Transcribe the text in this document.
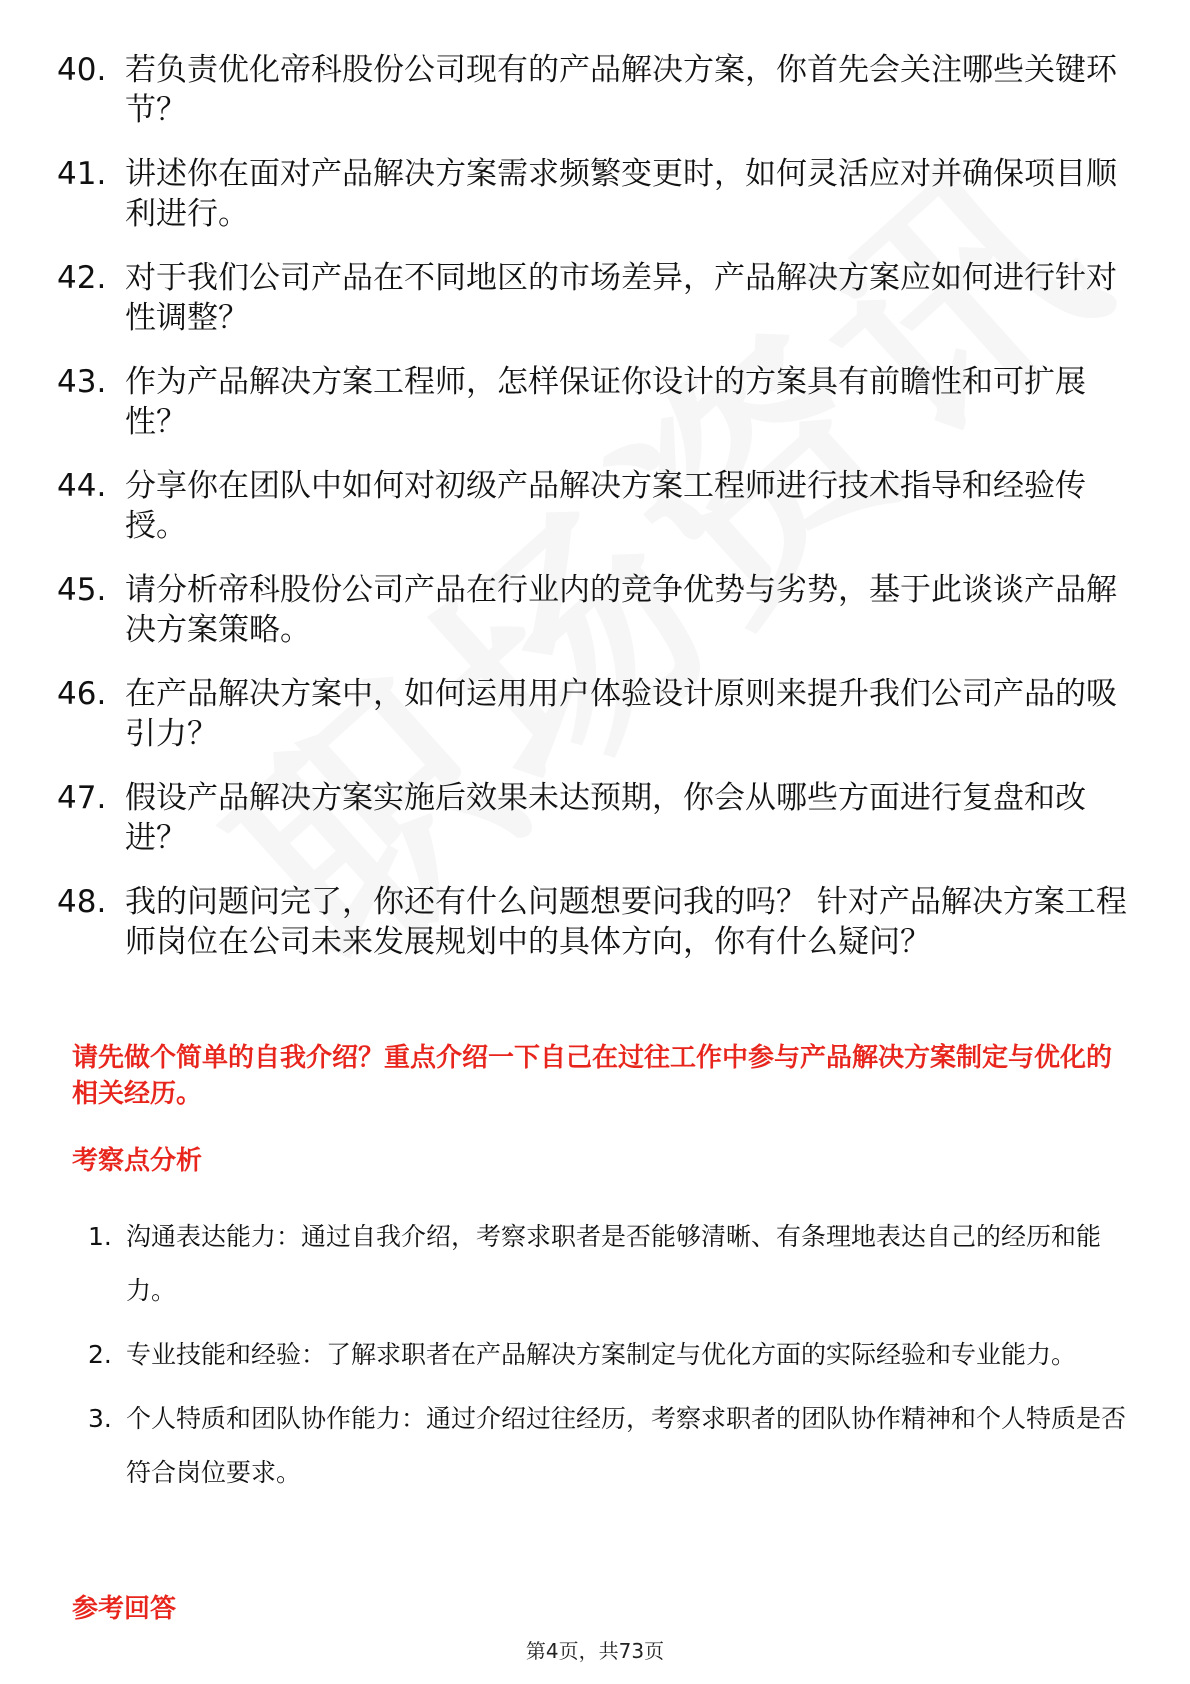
40. 若负责优化帝科股份公司现有的产品解决方案，你首先会关注哪些关键环节？
41. 讲述你在面对产品解决方案需求频繁变更时，如何灵活应对并确保项目顺利进行。
42. 对于我们公司产品在不同地区的市场差异，产品解决方案应如何进行针对性调整？
43. 作为产品解决方案工程师，怎样保证你设计的方案具有前瞻性和可扩展性？
44. 分享你在团队中如何对初级产品解决方案工程师进行技术指导和经验传授。
45. 请分析帝科股份公司产品在行业内的竞争优势与劣势，基于此谈谈产品解决方案策略。
46. 在产品解决方案中，如何运用用户体验设计原则来提升我们公司产品的吸引力？
47. 假设产品解决方案实施后效果未达预期，你会从哪些方面进行复盘和改进？
48. 我的问题问完了，你还有什么问题想要问我的吗？ 针对产品解决方案工程师岗位在公司未来发展规划中的具体方向，你有什么疑问？
请先做个简单的自我介绍？重点介绍一下自己在过往工作中参与产品解决方案制定与优化的相关经历。
考察点分析
1. 沟通表达能力：通过自我介绍，考察求职者是否能够清晰、有条理地表达自己的经历和能力。
2. 专业技能和经验：了解求职者在产品解决方案制定与优化方面的实际经验和专业能力。
3. 个人特质和团队协作能力：通过介绍过往经历，考察求职者的团队协作精神和个人特质是否符合岗位要求。
参考回答
第4页，共73页
